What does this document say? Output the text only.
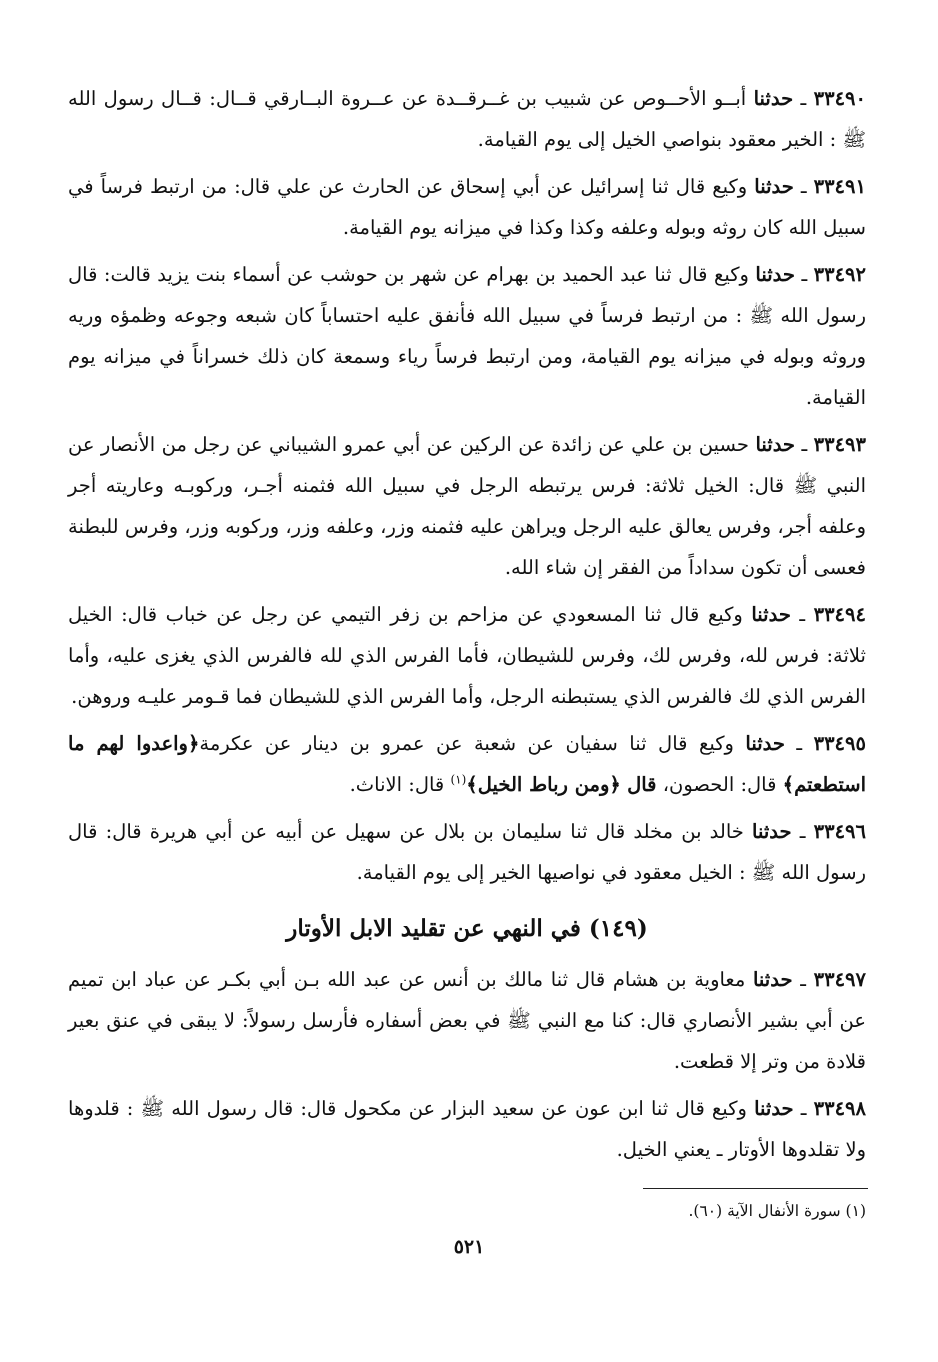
٣٣٤٩٠ ـ حدثنا أبــو الأحــوص عن شبيب بن غــرقــدة عن عــروة البــارقي قــال: قــال رسول الله ﷺ : الخير معقود بنواصي الخيل إلى يوم القيامة.

٣٣٤٩١ ـ حدثنا وكيع قال ثنا إسرائيل عن أبي إسحاق عن الحارث عن علي قال: من ارتبط فرساً في سبيل الله كان روثه وبوله وعلفه وكذا وكذا في ميزانه يوم القيامة.

٣٣٤٩٢ ـ حدثنا وكيع قال ثنا عبد الحميد بن بهرام عن شهر بن حوشب عن أسماء بنت يزيد قالت: قال رسول الله ﷺ : من ارتبط فرساً في سبيل الله فأنفق عليه احتساباً كان شبعه وجوعه وظمؤه وريه وروثه وبوله في ميزانه يوم القيامة، ومن ارتبط فرساً رياء وسمعة كان ذلك خسراناً في ميزانه يوم القيامة.

٣٣٤٩٣ ـ حدثنا حسين بن علي عن زائدة عن الركين عن أبي عمرو الشيباني عن رجل من الأنصار عن النبي ﷺ قال: الخيل ثلاثة: فرس يرتبطه الرجل في سبيل الله فثمنه أجـر، وركوبـه وعاريته أجر وعلفه أجر، وفرس يعالق عليه الرجل ويراهن عليه فثمنه وزر، وعلفه وزر، وركوبه وزر، وفرس للبطنة فعسى أن تكون سداداً من الفقر إن شاء الله.

٣٣٤٩٤ ـ حدثنا وكيع قال ثنا المسعودي عن مزاحم بن زفر التيمي عن رجل عن خباب قال: الخيل ثلاثة: فرس لله، وفرس لك، وفرس للشيطان، فأما الفرس الذي لله فالفرس الذي يغزى عليه، وأما الفرس الذي لك فالفرس الذي يستبطنه الرجل، وأما الفرس الذي للشيطان فما قـومر عليـه وروهن.

٣٣٤٩٥ ـ حدثنا وكيع قال ثنا سفيان عن شعبة عن عمرو بن دينار عن عكرمة﴿واعدوا لهم ما استطعتم﴾ قال: الحصون، قال ﴿ومن رباط الخيل﴾$^{(١)}$ قال: الاناث.

٣٣٤٩٦ ـ حدثنا خالد بن مخلد قال ثنا سليمان بن بلال عن سهيل عن أبيه عن أبي هريرة قال: قال رسول الله ﷺ : الخيل معقود في نواصيها الخير إلى يوم القيامة.

(١٤٩) في النهي عن تقليد الابل الأوتار

٣٣٤٩٧ ـ حدثنا معاوية بن هشام قال ثنا مالك بن أنس عن عبد الله بـن أبي بكـر عن عباد ابن تميم عن أبي بشير الأنصاري قال: كنا مع النبي ﷺ في بعض أسفاره فأرسل رسولاً: لا يبقى في عنق بعير قلادة من وتر إلا قطعت.

٣٣٤٩٨ ـ حدثنا وكيع قال ثنا ابن عون عن سعيد البزار عن مكحول قال: قال رسول الله ﷺ : قلدوها ولا تقلدوها الأوتار ـ يعني الخيل.

(١) سورة الأنفال الآية (٦٠).
٥٢١
